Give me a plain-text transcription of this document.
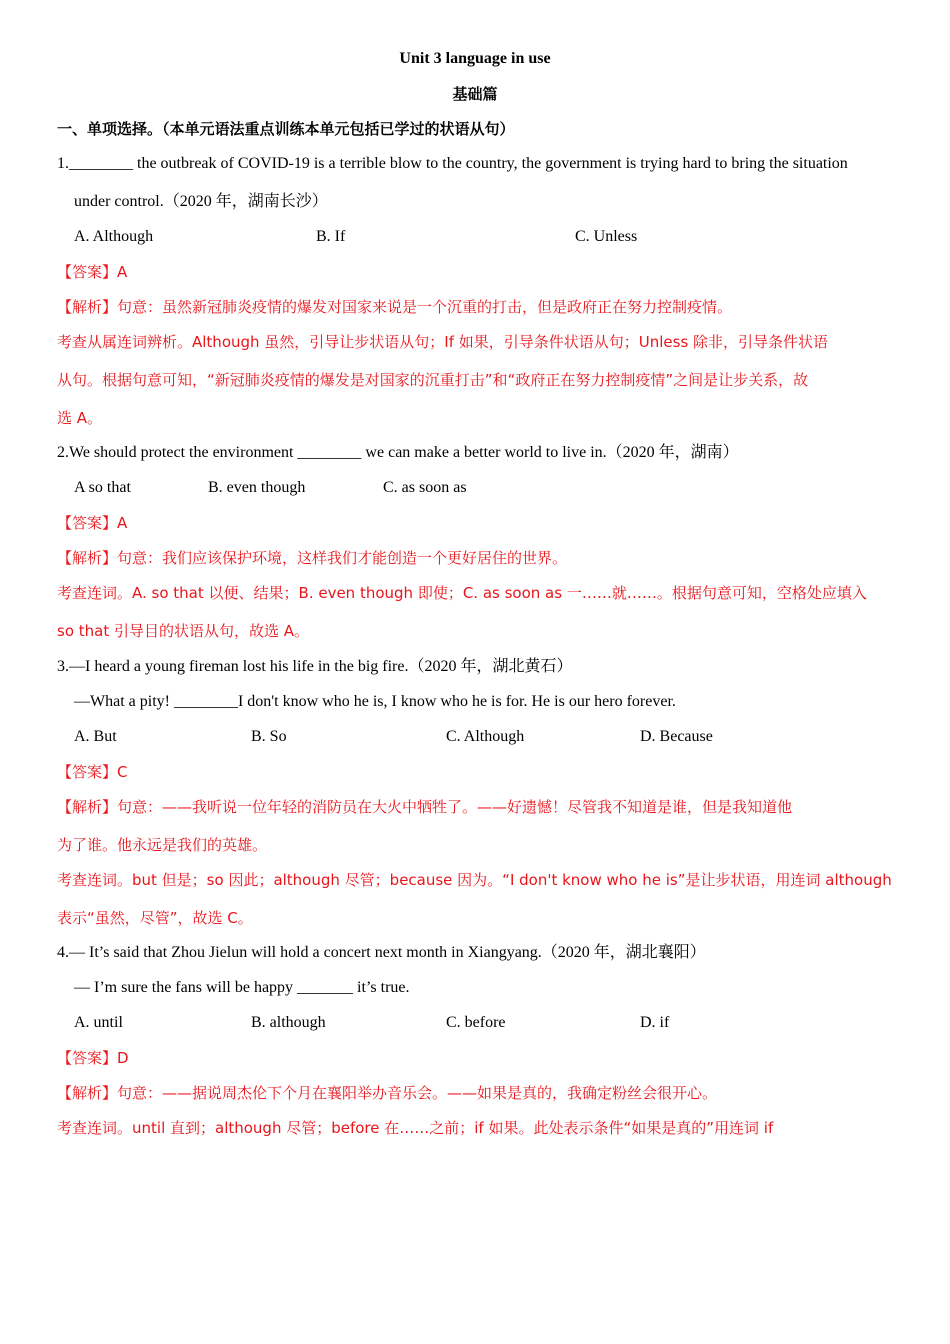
Unit 3 language in use
基础篇
一、单项选择。（本单元语法重点训练本单元包括已学过的状语从句）
1.________ the outbreak of COVID-19 is a terrible blow to the country, the government is trying hard to bring the situation
under control.（2020 年，湖南长沙）
A. Although	B. If	C. Unless
【答案】A
【解析】句意：虽然新冠肺炎疫情的爆发对国家来说是一个沉重的打击，但是政府正在努力控制疫情。
考查从属连词辨析。Although 虽然，引导让步状语从句；If 如果，引导条件状语从句；Unless 除非，引导条件状语
从句。根据句意可知，“新冠肺炎疫情的爆发是对国家的沉重打击”和“政府正在努力控制疫情”之间是让步关系，故
选 A。
2.We should protect the environment ________ we can make a better world to live in.（2020 年，湖南）
A so that	B. even though	C. as soon as
【答案】A
【解析】句意：我们应该保护环境，这样我们才能创造一个更好居住的世界。
考查连词。A. so that 以便、结果；B. even though 即使；C. as soon as 一……就……。根据句意可知，空格处应填入
so that 引导目的状语从句，故选 A。
3.—I heard a young fireman lost his life in the big fire.（2020 年，湖北黄石）
—What a pity! ________I don't know who he is, I know who he is for. He is our hero forever.
A. But	B. So	C. Although	D. Because
【答案】C
【解析】句意：——我听说一位年轻的消防员在大火中牺牲了。——好遗憾！尽管我不知道是谁，但是我知道他
为了谁。他永远是我们的英雄。
考查连词。but 但是；so 因此；although 尽管；because 因为。“I don't know who he is”是让步状语，用连词 although
表示“虽然，尽管”，故选 C。
4.— It’s said that Zhou Jielun will hold a concert next month in Xiangyang.（2020 年，湖北襄阳）
— I’m sure the fans will be happy _______ it’s true.
A. until	B. although	C. before	D. if
【答案】D
【解析】句意：——据说周杰伦下个月在襄阳举办音乐会。——如果是真的，我确定粉丝会很开心。
考查连词。until 直到；although 尽管；before 在……之前；if 如果。此处表示条件“如果是真的”用连词 if
